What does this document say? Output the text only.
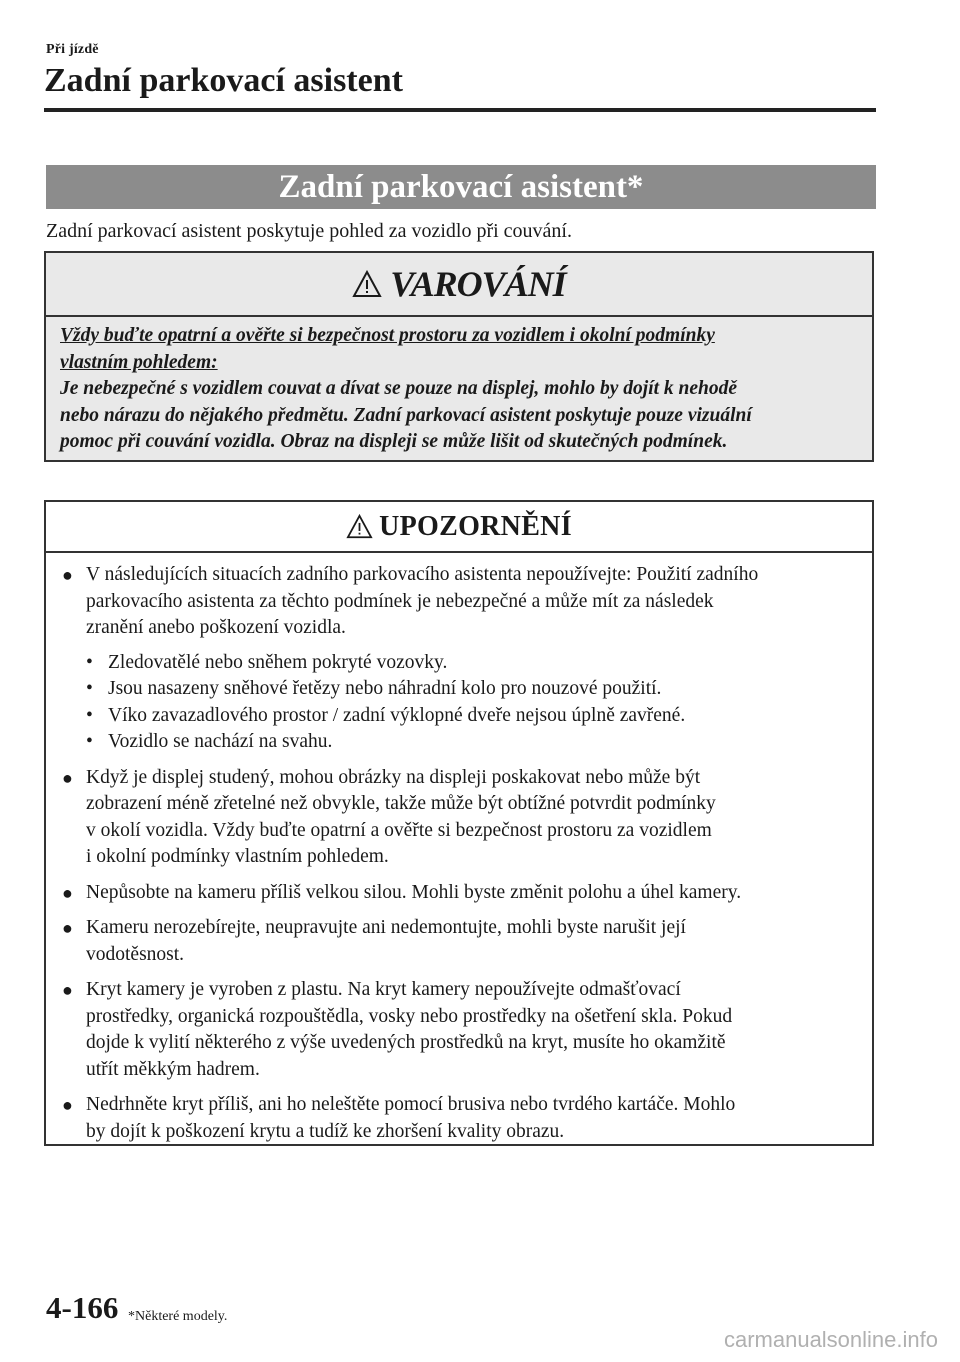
Při jízdě
Zadní parkovací asistent
Zadní parkovací asistent*
Zadní parkovací asistent poskytuje pohled za vozidlo při couvání.
VAROVÁNÍ
Vždy buďte opatrní a ověřte si bezpečnost prostoru za vozidlem i okolní podmínky
vlastním pohledem:
Je nebezpečné s vozidlem couvat a dívat se pouze na displej, mohlo by dojít k nehodě
nebo nárazu do nějakého předmětu. Zadní parkovací asistent poskytuje pouze vizuální
pomoc při couvání vozidla. Obraz na displeji se může lišit od skutečných podmínek.
UPOZORNĚNÍ
● V následujících situacích zadního parkovacího asistenta nepoužívejte: Použití zadního
parkovacího asistenta za těchto podmínek je nebezpečné a může mít za následek
zranění anebo poškození vozidla.
• Zledovatělé nebo sněhem pokryté vozovky.
• Jsou nasazeny sněhové řetězy nebo náhradní kolo pro nouzové použití.
• Víko zavazadlového prostor / zadní výklopné dveře nejsou úplně zavřené.
• Vozidlo se nachází na svahu.
● Když je displej studený, mohou obrázky na displeji poskakovat nebo může být
zobrazení méně zřetelné než obvykle, takže může být obtížné potvrdit podmínky
v okolí vozidla. Vždy buďte opatrní a ověřte si bezpečnost prostoru za vozidlem
i okolní podmínky vlastním pohledem.
● Nepůsobte na kameru příliš velkou silou. Mohli byste změnit polohu a úhel kamery.
● Kameru nerozebírejte, neupravujte ani nedemontujte, mohli byste narušit její
vodotěsnost.
● Kryt kamery je vyroben z plastu. Na kryt kamery nepoužívejte odmašťovací
prostředky, organická rozpouštědla, vosky nebo prostředky na ošetření skla. Pokud
dojde k vylití některého z výše uvedených prostředků na kryt, musíte ho okamžitě
utřít měkkým hadrem.
● Nedrhněte kryt příliš, ani ho neleštěte pomocí brusiva nebo tvrdého kartáče. Mohlo
by dojít k poškození krytu a tudíž ke zhoršení kvality obrazu.
4-166 *Některé modely.
carmanualsonline.info
